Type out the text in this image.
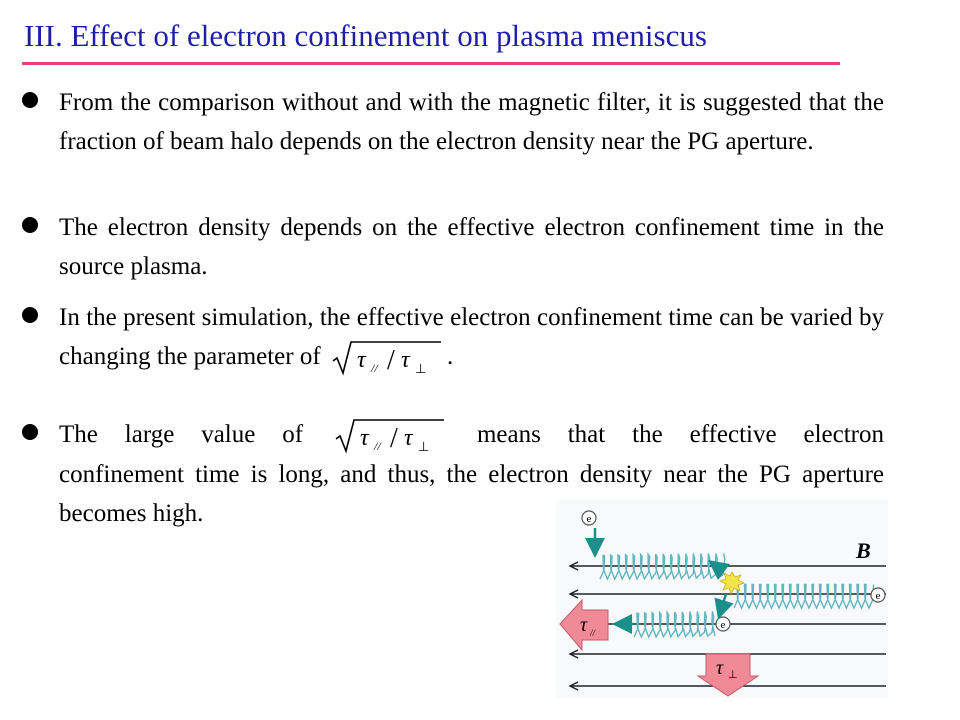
III. Effect of electron confinement on plasma meniscus

From the comparison without and with the magnetic filter, it is suggested that the fraction of beam halo depends on the electron density near the PG aperture.

The electron density depends on the effective electron confinement time in the source plasma.

In the present simulation, the effective electron confinement time can be varied by changing the parameter of τ // / τ ⊥ .

The large value of τ // / τ ⊥ means that the effective electron

confinement time is long, and thus, the electron density near the PG aperture becomes high.

B
e
e
e
τ //
τ ⊥
